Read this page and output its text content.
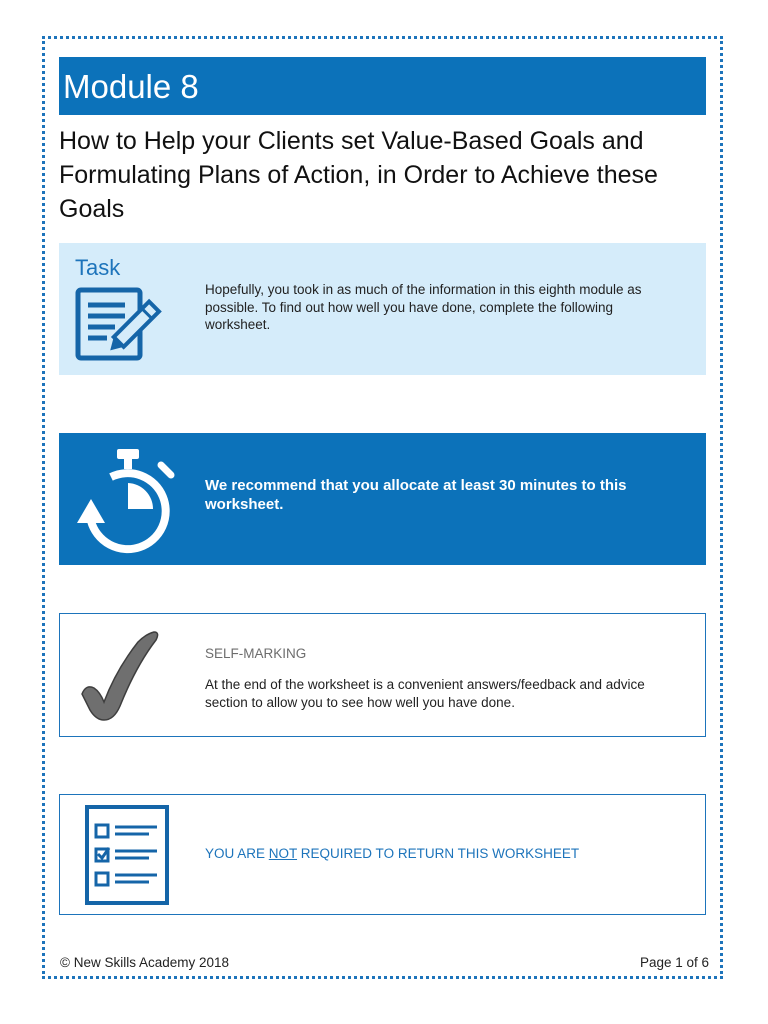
Module 8
How to Help your Clients set Value-Based Goals and Formulating Plans of Action, in Order to Achieve these Goals
Task
Hopefully, you took in as much of the information in this eighth module as possible. To find out how well you have done, complete the following worksheet.
We recommend that you allocate at least 30 minutes to this worksheet.
SELF-MARKING
At the end of the worksheet is a convenient answers/feedback and advice section to allow you to see how well you have done.
YOU ARE NOT REQUIRED TO RETURN THIS WORKSHEET
© New Skills Academy 2018	Page 1 of 6
